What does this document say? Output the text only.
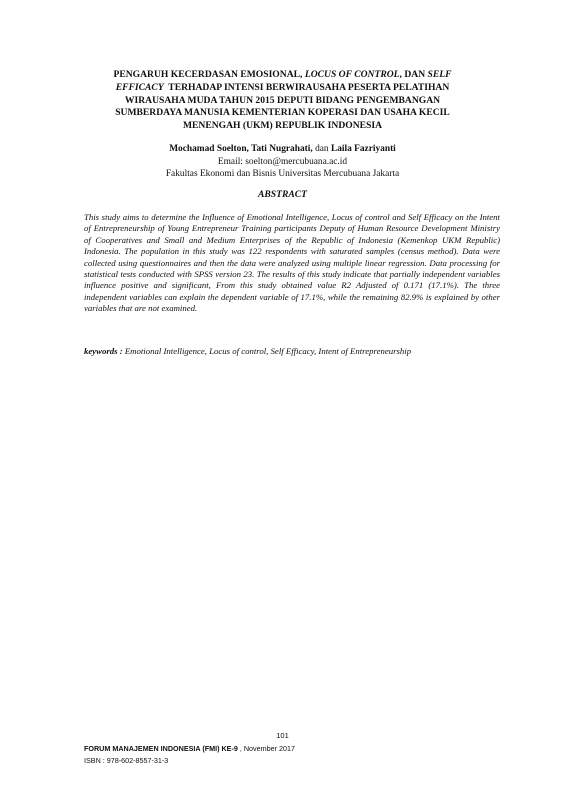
PENGARUH KECERDASAN EMOSIONAL, LOCUS OF CONTROL, DAN SELF
EFFICACY  TERHADAP INTENSI BERWIRAUSAHA PESERTA PELATIHAN
WIRAUSAHA MUDA TAHUN 2015 DEPUTI BIDANG PENGEMBANGAN
SUMBERDAYA MANUSIA KEMENTERIAN KOPERASI DAN USAHA KECIL
MENENGAH (UKM) REPUBLIK INDONESIA
Mochamad Soelton, Tati Nugrahati, dan Laila Fazriyanti
Email: soelton@mercubuana.ac.id
Fakultas Ekonomi dan Bisnis Universitas Mercubuana Jakarta
ABSTRACT
This study aims to determine the Influence of Emotional Intelligence, Locus of control and Self Efficacy on the Intent of Entrepreneurship of Young Entrepreneur Training participants Deputy of Human Resource Development Ministry of Cooperatives and Small and Medium Enterprises of the Republic of Indonesia (Kemenkop UKM Republic) Indonesia. The population in this study was 122 respondents with saturated samples (census method). Data were collected using questionnaires and then the data were analyzed using multiple linear regression. Data processing for statistical tests conducted with SPSS version 23. The results of this study indicate that partially independent variables influence positive and significant, From this study obtained value R2 Adjusted of 0.171 (17.1%). The three independent variables can explain the dependent variable of 17.1%, while the remaining 82.9% is explained by other variables that are not examined.
keywords : Emotional Intelligence, Locus of control, Self Efficacy, Intent of Entrepreneurship
101
FORUM MANAJEMEN INDONESIA (FMI) KE-9 , November 2017
ISBN : 978-602-8557-31-3
